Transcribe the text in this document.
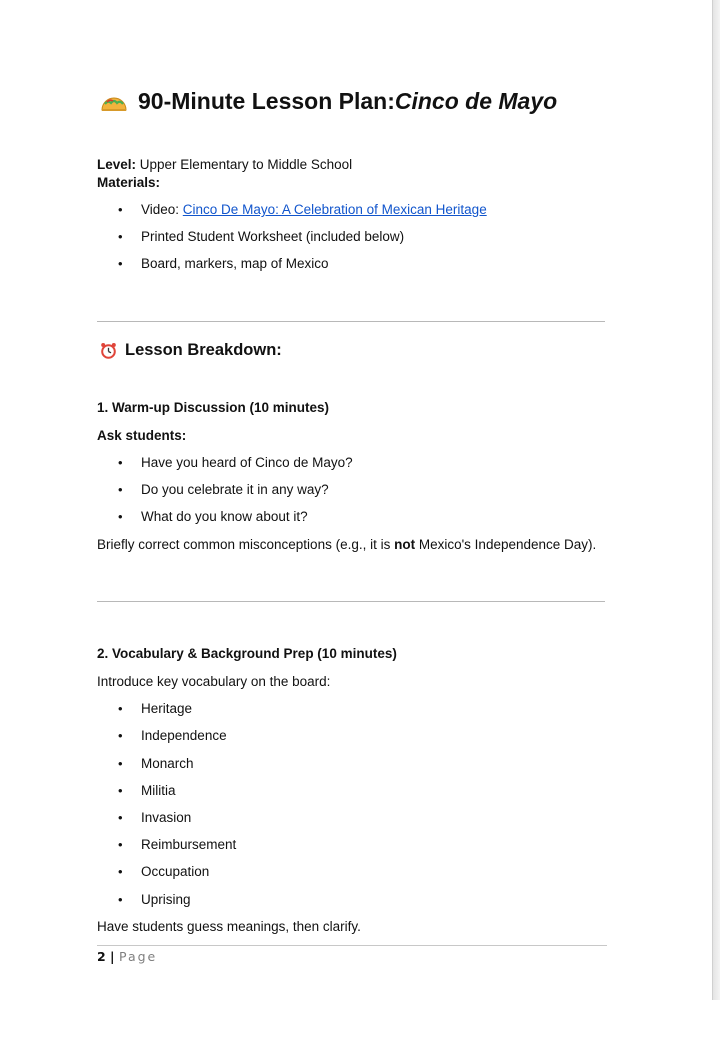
90-Minute Lesson Plan: Cinco de Mayo
Level: Upper Elementary to Middle School
Materials:
• Video: Cinco De Mayo: A Celebration of Mexican Heritage
• Printed Student Worksheet (included below)
• Board, markers, map of Mexico
Lesson Breakdown:
1. Warm-up Discussion (10 minutes)
Ask students:
• Have you heard of Cinco de Mayo?
• Do you celebrate it in any way?
• What do you know about it?
Briefly correct common misconceptions (e.g., it is not Mexico's Independence Day).
2. Vocabulary & Background Prep (10 minutes)
Introduce key vocabulary on the board:
• Heritage
• Independence
• Monarch
• Militia
• Invasion
• Reimbursement
• Occupation
• Uprising
Have students guess meanings, then clarify.
2 | Page
